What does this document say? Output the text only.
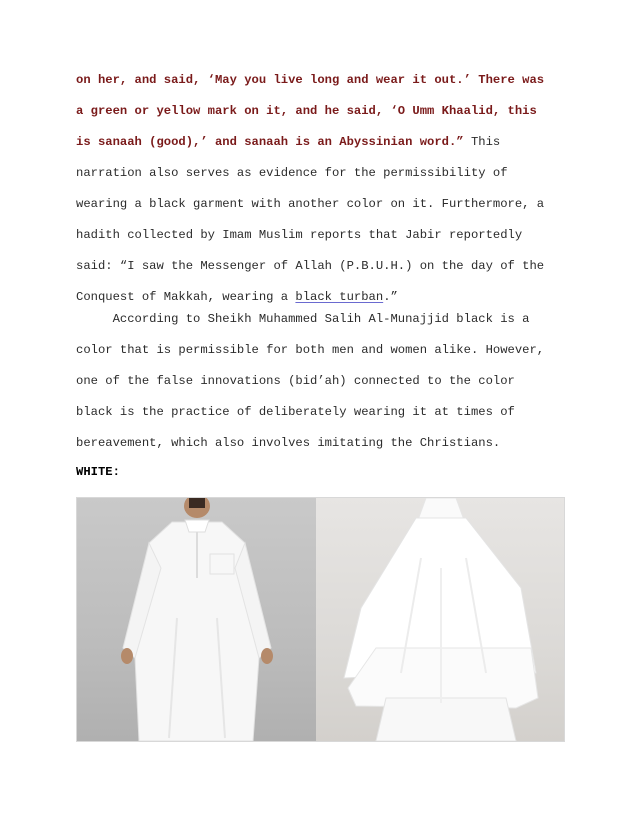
on her, and said, ‘May you live long and wear it out.’ There was
a green or yellow mark on it, and he said, ‘O Umm Khaalid, this
is sanaah (good),’ and sanaah is an Abyssinian word.” This
narration also serves as evidence for the permissibility of
wearing a black garment with another color on it. Furthermore, a
hadith collected by Imam Muslim reports that Jabir reportedly
said: “I saw the Messenger of Allah (P.B.U.H.) on the day of the
Conquest of Makkah, wearing a black turban.”
According to Sheikh Muhammed Salih Al-Munajjid black is a
color that is permissible for both men and women alike. However,
one of the false innovations (bid’ah) connected to the color
black is the practice of deliberately wearing it at times of
bereavement, which also involves imitating the Christians.
WHITE:
